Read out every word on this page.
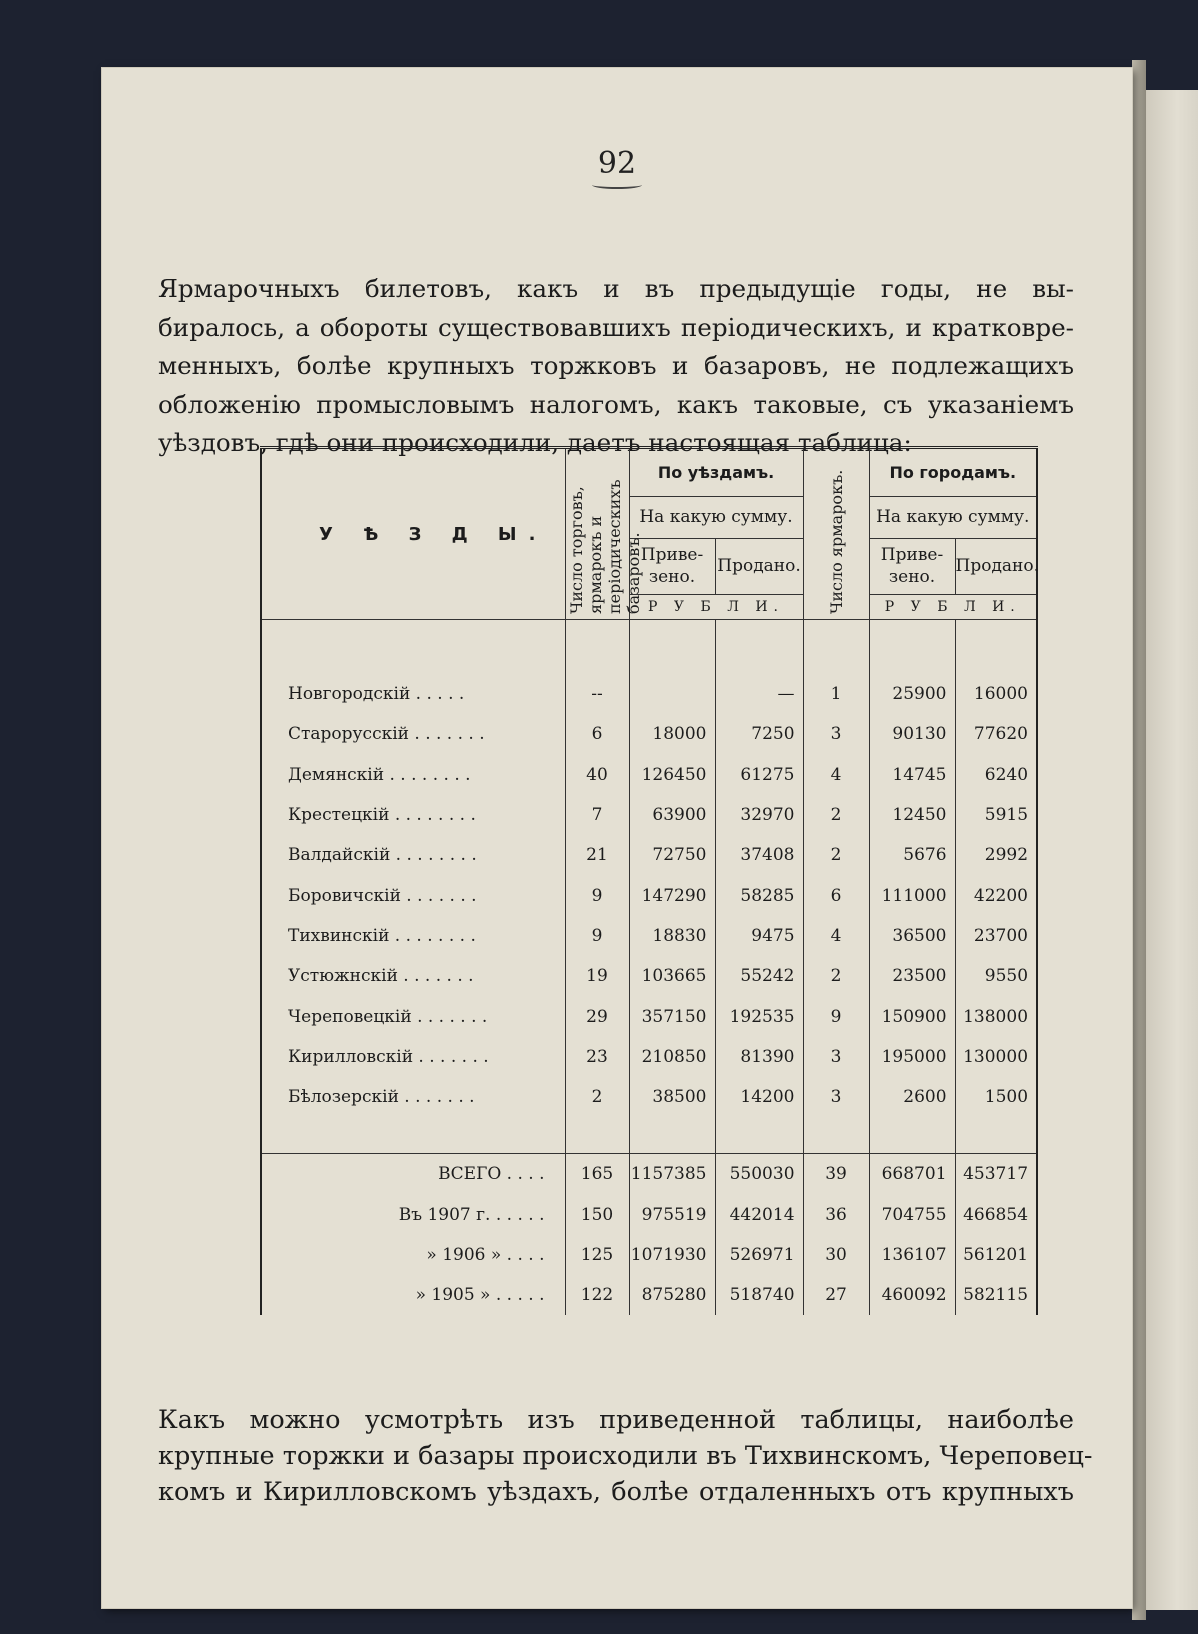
92
Ярмарочныхъ билетовъ, какъ и въ предыдущіе годы, не вы-
биралось, а обороты существовавшихъ періодическихъ, и кратковре-
менныхъ, болѣе крупныхъ торжковъ и базаровъ, не подлежащихъ
обложенію промысловымъ налогомъ, какъ таковые, съ указаніемъ
уѣздовъ, гдѣ они происходили, даетъ настоящая таблица:
У Ѣ З Д Ы.	Число торговъ, ярмарокъ и періодическихъ базаровъ.	По уѣздамъ.		Число ярмарокъ.	По городамъ.	
		На какую сумму.			На какую сумму.	
		Приве-зено.	Продано.		Приве-зено.	Продано.
		Р У Б Л И.			Р У Б Л И.	

Новгородскій . . . . .	--		—	1	25900	16000
Старорусскій . . . . . . .	6	18000	7250	3	90130	77620
Демянскій . . . . . . . .	40	126450	61275	4	14745	6240
Крестецкій . . . . . . . .	7	63900	32970	2	12450	5915
Валдайскій . . . . . . . .	21	72750	37408	2	5676	2992
Боровичскій . . . . . . .	9	147290	58285	6	111000	42200
Тихвинскій . . . . . . . .	9	18830	9475	4	36500	23700
Устюжнскій . . . . . . .	19	103665	55242	2	23500	9550
Череповецкій . . . . . . .	29	357150	192535	9	150900	138000
Кирилловскій . . . . . . .	23	210850	81390	3	195000	130000
Бѣлозерскій . . . . . . .	2	38500	14200	3	2600	1500

ВСЕГО . . . .	165	1157385	550030	39	668701	453717
Въ 1907 г. . . . . .	150	975519	442014	36	704755	466854
» 1906 » . . . .	125	1071930	526971	30	136107	561201
» 1905 » . . . . .	122	875280	518740	27	460092	582115
Какъ можно усмотрѣть изъ приведенной таблицы, наиболѣе
крупные торжки и базары происходили въ Тихвинскомъ, Череповец-
комъ и Кирилловскомъ уѣздахъ, болѣе отдаленныхъ отъ крупныхъ
